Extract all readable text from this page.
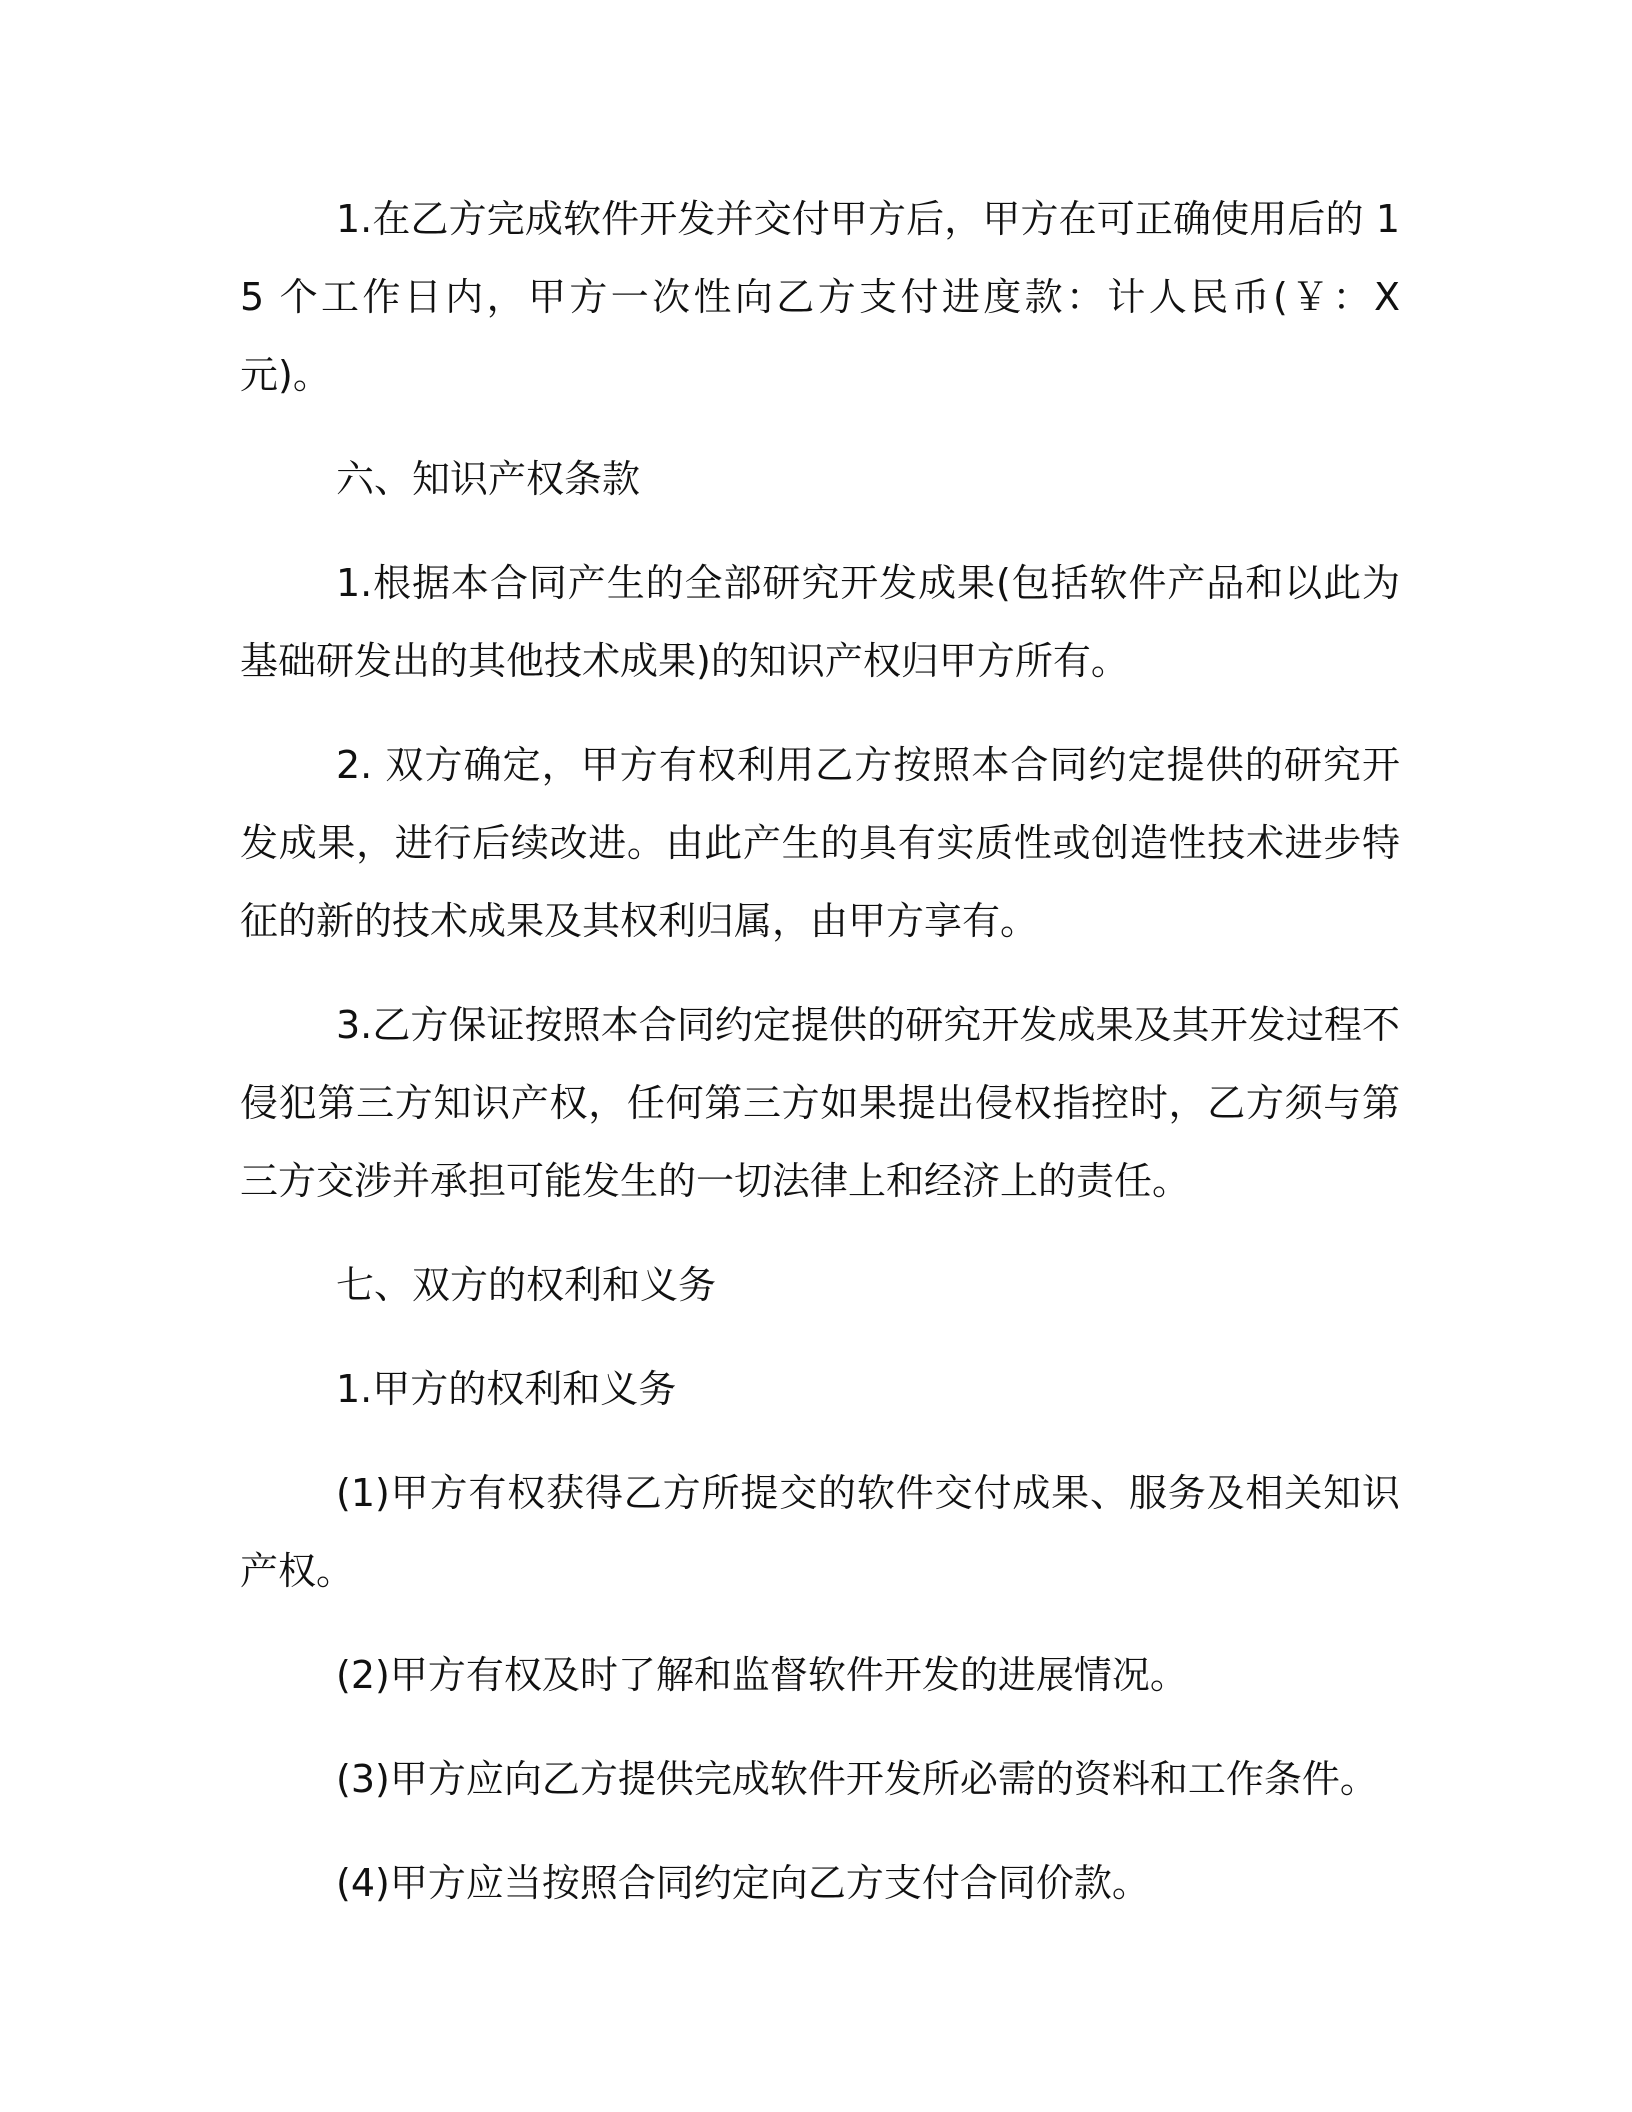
1.在乙方完成软件开发并交付甲方后，甲方在可正确使用后的 15 个工作日内，甲方一次性向乙方支付进度款：计人民币(￥：X 元)。

六、知识产权条款

1.根据本合同产生的全部研究开发成果(包括软件产品和以此为基础研发出的其他技术成果)的知识产权归甲方所有。

2. 双方确定，甲方有权利用乙方按照本合同约定提供的研究开发成果，进行后续改进。由此产生的具有实质性或创造性技术进步特征的新的技术成果及其权利归属，由甲方享有。

3.乙方保证按照本合同约定提供的研究开发成果及其开发过程不侵犯第三方知识产权，任何第三方如果提出侵权指控时，乙方须与第三方交涉并承担可能发生的一切法律上和经济上的责任。

七、双方的权利和义务

1.甲方的权利和义务

(1)甲方有权获得乙方所提交的软件交付成果、服务及相关知识产权。

(2)甲方有权及时了解和监督软件开发的进展情况。

(3)甲方应向乙方提供完成软件开发所必需的资料和工作条件。

(4)甲方应当按照合同约定向乙方支付合同价款。
